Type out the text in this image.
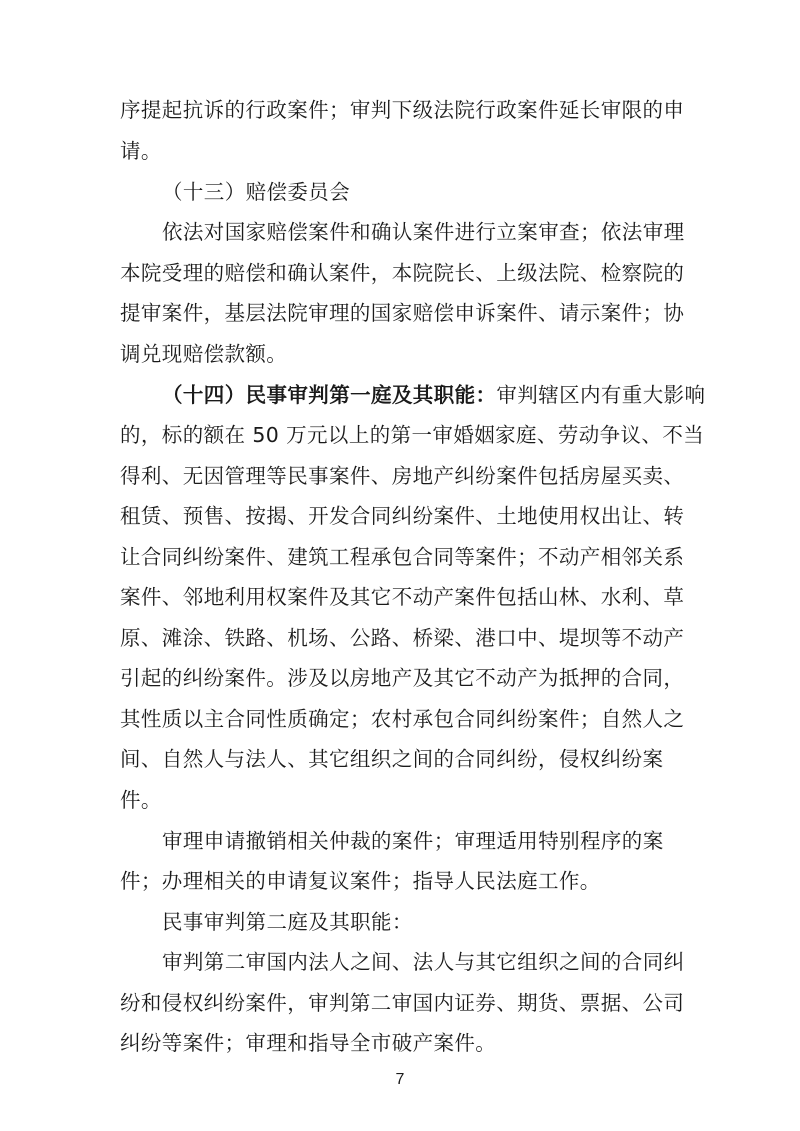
序提起抗诉的行政案件；审判下级法院行政案件延长审限的申
请。
（十三）赔偿委员会
依法对国家赔偿案件和确认案件进行立案审查；依法审理
本院受理的赔偿和确认案件，本院院长、上级法院、检察院的
提审案件，基层法院审理的国家赔偿申诉案件、请示案件；协
调兑现赔偿款额。
（十四）民事审判第一庭及其职能：审判辖区内有重大影响
的，标的额在 50 万元以上的第一审婚姻家庭、劳动争议、不当
得利、无因管理等民事案件、房地产纠纷案件包括房屋买卖、
租赁、预售、按揭、开发合同纠纷案件、土地使用权出让、转
让合同纠纷案件、建筑工程承包合同等案件；不动产相邻关系
案件、邻地利用权案件及其它不动产案件包括山林、水利、草
原、滩涂、铁路、机场、公路、桥梁、港口中、堤坝等不动产
引起的纠纷案件。涉及以房地产及其它不动产为抵押的合同，
其性质以主合同性质确定；农村承包合同纠纷案件；自然人之
间、自然人与法人、其它组织之间的合同纠纷，侵权纠纷案
件。
审理申请撤销相关仲裁的案件；审理适用特别程序的案
件；办理相关的申请复议案件；指导人民法庭工作。
民事审判第二庭及其职能：
审判第二审国内法人之间、法人与其它组织之间的合同纠
纷和侵权纠纷案件，审判第二审国内证券、期货、票据、公司
纠纷等案件；审理和指导全市破产案件。
7
